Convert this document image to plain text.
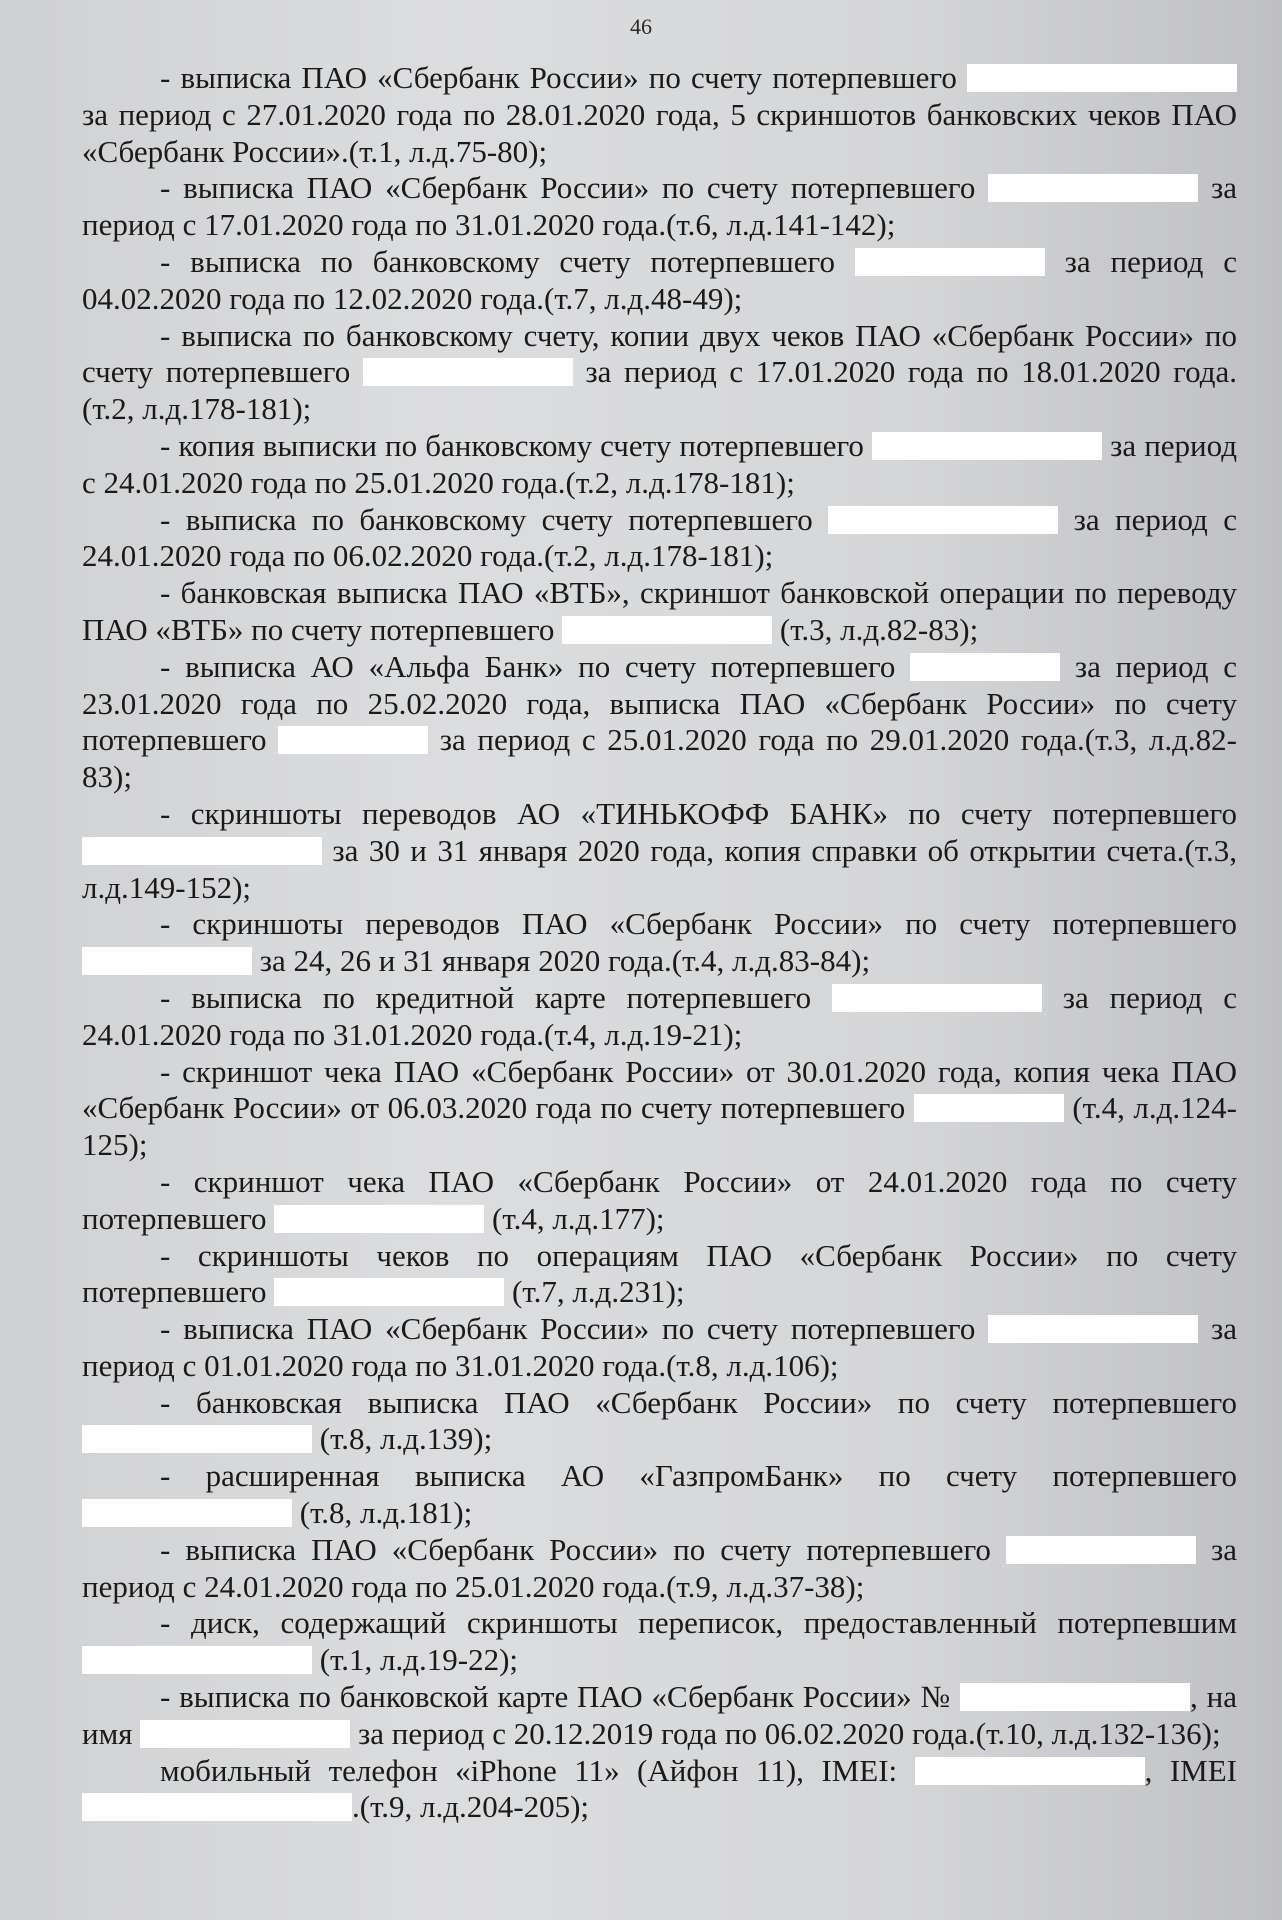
46

- выписка ПАО «Сбербанк России» по счету потерпевшего  за период с 27.01.2020 года по 28.01.2020 года, 5 скриншотов банковских чеков ПАО «Сбербанк России».(т.1, л.д.75-80);

- выписка ПАО «Сбербанк России» по счету потерпевшего	за период с 17.01.2020 года по 31.01.2020 года.(т.6, л.д.141-142);

- выписка по банковскому счету потерпевшего	за период с 04.02.2020 года по 12.02.2020 года.(т.7, л.д.48-49);

- выписка по банковскому счету, копии двух чеков ПАО «Сбербанк России» по счету потерпевшего	за период с 17.01.2020 года по 18.01.2020 года.(т.2, л.д.178-181);

- копия выписки по банковскому счету потерпевшего	за период с 24.01.2020 года по 25.01.2020 года.(т.2, л.д.178-181);

- выписка по банковскому счету потерпевшего	за период с 24.01.2020 года по 06.02.2020 года.(т.2, л.д.178-181);

- банковская выписка ПАО «ВТБ», скриншот банковской операции по переводу ПАО «ВТБ» по счету потерпевшего	(т.3, л.д.82-83);

- выписка АО «Альфа Банк» по счету потерпевшего	за период с 23.01.2020 года по 25.02.2020 года, выписка ПАО «Сбербанк России» по счету потерпевшего	за период с 25.01.2020 года по 29.01.2020 года.(т.3, л.д.82-83);

- скриншоты переводов АО «ТИНЬКОФФ БАНК» по счету потерпевшего  за 30 и 31 января 2020 года, копия справки об открытии счета.(т.3, л.д.149-152);

- скриншоты переводов ПАО «Сбербанк России» по счету потерпевшего  за 24, 26 и 31 января 2020 года.(т.4, л.д.83-84);

- выписка по кредитной карте потерпевшего	за период с 24.01.2020 года по 31.01.2020 года.(т.4, л.д.19-21);

- скриншот чека ПАО «Сбербанк России» от 30.01.2020 года, копия чека ПАО «Сбербанк России» от 06.03.2020 года по счету потерпевшего	(т.4, л.д.124-125);

- скриншот чека ПАО «Сбербанк России» от 24.01.2020 года по счету потерпевшего	(т.4, л.д.177);

- скриншоты чеков по операциям ПАО «Сбербанк России» по счету потерпевшего	(т.7, л.д.231);

- выписка ПАО «Сбербанк России» по счету потерпевшего	за период с 01.01.2020 года по 31.01.2020 года.(т.8, л.д.106);

- банковская выписка ПАО «Сбербанк России» по счету потерпевшего  (т.8, л.д.139);

- расширенная выписка АО «ГазпромБанк» по счету потерпевшего  (т.8, л.д.181);

- выписка ПАО «Сбербанк России» по счету потерпевшего	за период с 24.01.2020 года по 25.01.2020 года.(т.9, л.д.37-38);

- диск, содержащий скриншоты переписок, предоставленный потерпевшим  (т.1, л.д.19-22);

- выписка по банковской карте ПАО «Сбербанк России» №	, на имя	за период с 20.12.2019 года по 06.02.2020 года.(т.10, л.д.132-136);

мобильный телефон «iPhone 11» (Айфон 11), IMEI:	, IMEI .(т.9, л.д.204-205);
